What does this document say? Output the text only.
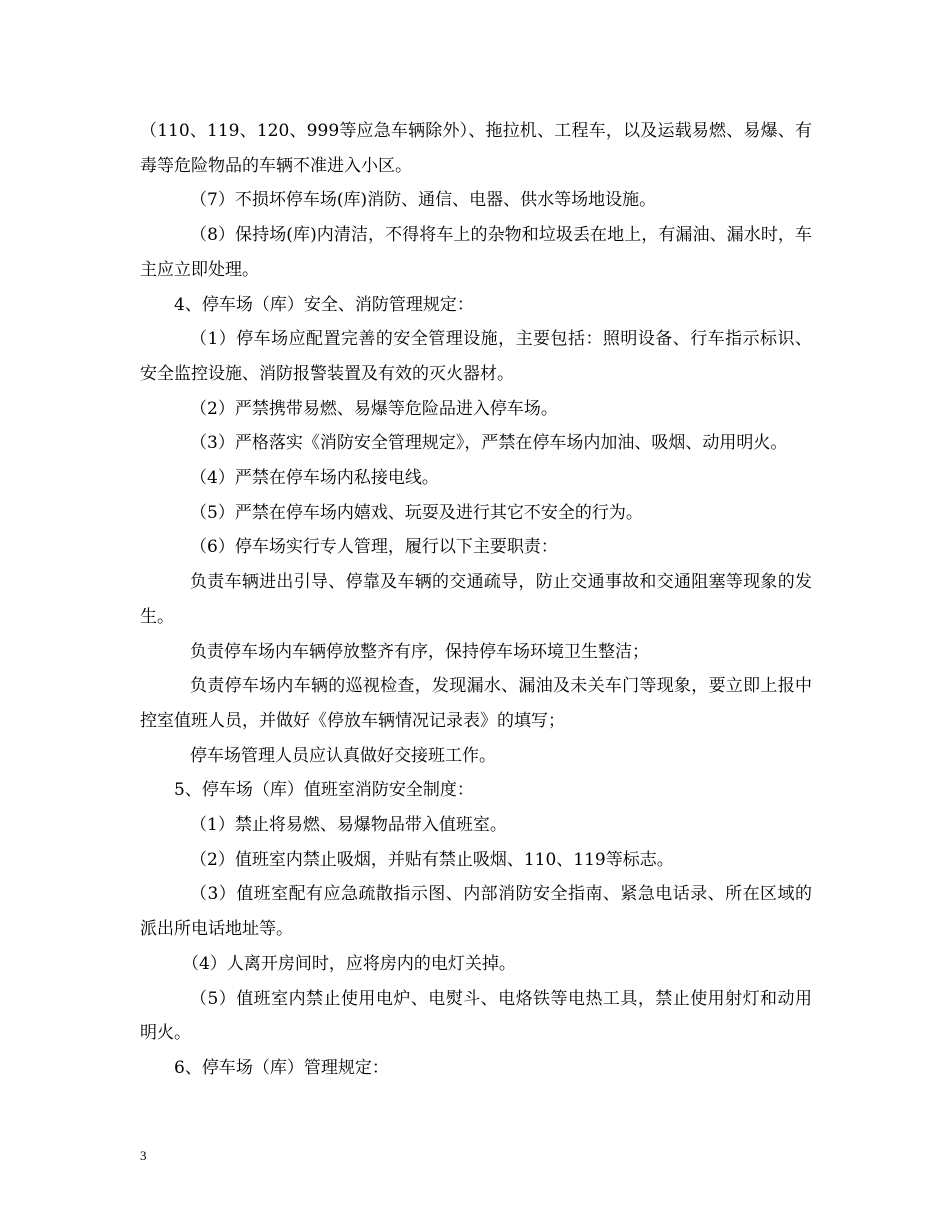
（110、119、120、999等应急车辆除外）、拖拉机、工程车，以及运载易燃、易爆、有毒等危险物品的车辆不准进入小区。

（7）不损坏停车场(库)消防、通信、电器、供水等场地设施。

（8）保持场(库)内清洁，不得将车上的杂物和垃圾丢在地上，有漏油、漏水时，车主应立即处理。

4、停车场（库）安全、消防管理规定：

（1）停车场应配置完善的安全管理设施，主要包括：照明设备、行车指示标识、安全监控设施、消防报警装置及有效的灭火器材。

（2）严禁携带易燃、易爆等危险品进入停车场。

（3）严格落实《消防安全管理规定》，严禁在停车场内加油、吸烟、动用明火。

（4）严禁在停车场内私接电线。

（5）严禁在停车场内嬉戏、玩耍及进行其它不安全的行为。

（6）停车场实行专人管理，履行以下主要职责：

负责车辆进出引导、停靠及车辆的交通疏导，防止交通事故和交通阻塞等现象的发生。

负责停车场内车辆停放整齐有序，保持停车场环境卫生整洁；

负责停车场内车辆的巡视检查，发现漏水、漏油及未关车门等现象，要立即上报中控室值班人员，并做好《停放车辆情况记录表》的填写；

停车场管理人员应认真做好交接班工作。

5、停车场（库）值班室消防安全制度：

（1）禁止将易燃、易爆物品带入值班室。

（2）值班室内禁止吸烟，并贴有禁止吸烟、110、119等标志。

（3）值班室配有应急疏散指示图、内部消防安全指南、紧急电话录、所在区域的派出所电话地址等。

（4）人离开房间时，应将房内的电灯关掉。

（5）值班室内禁止使用电炉、电熨斗、电烙铁等电热工具，禁止使用射灯和动用明火。

6、停车场（库）管理规定：

3
